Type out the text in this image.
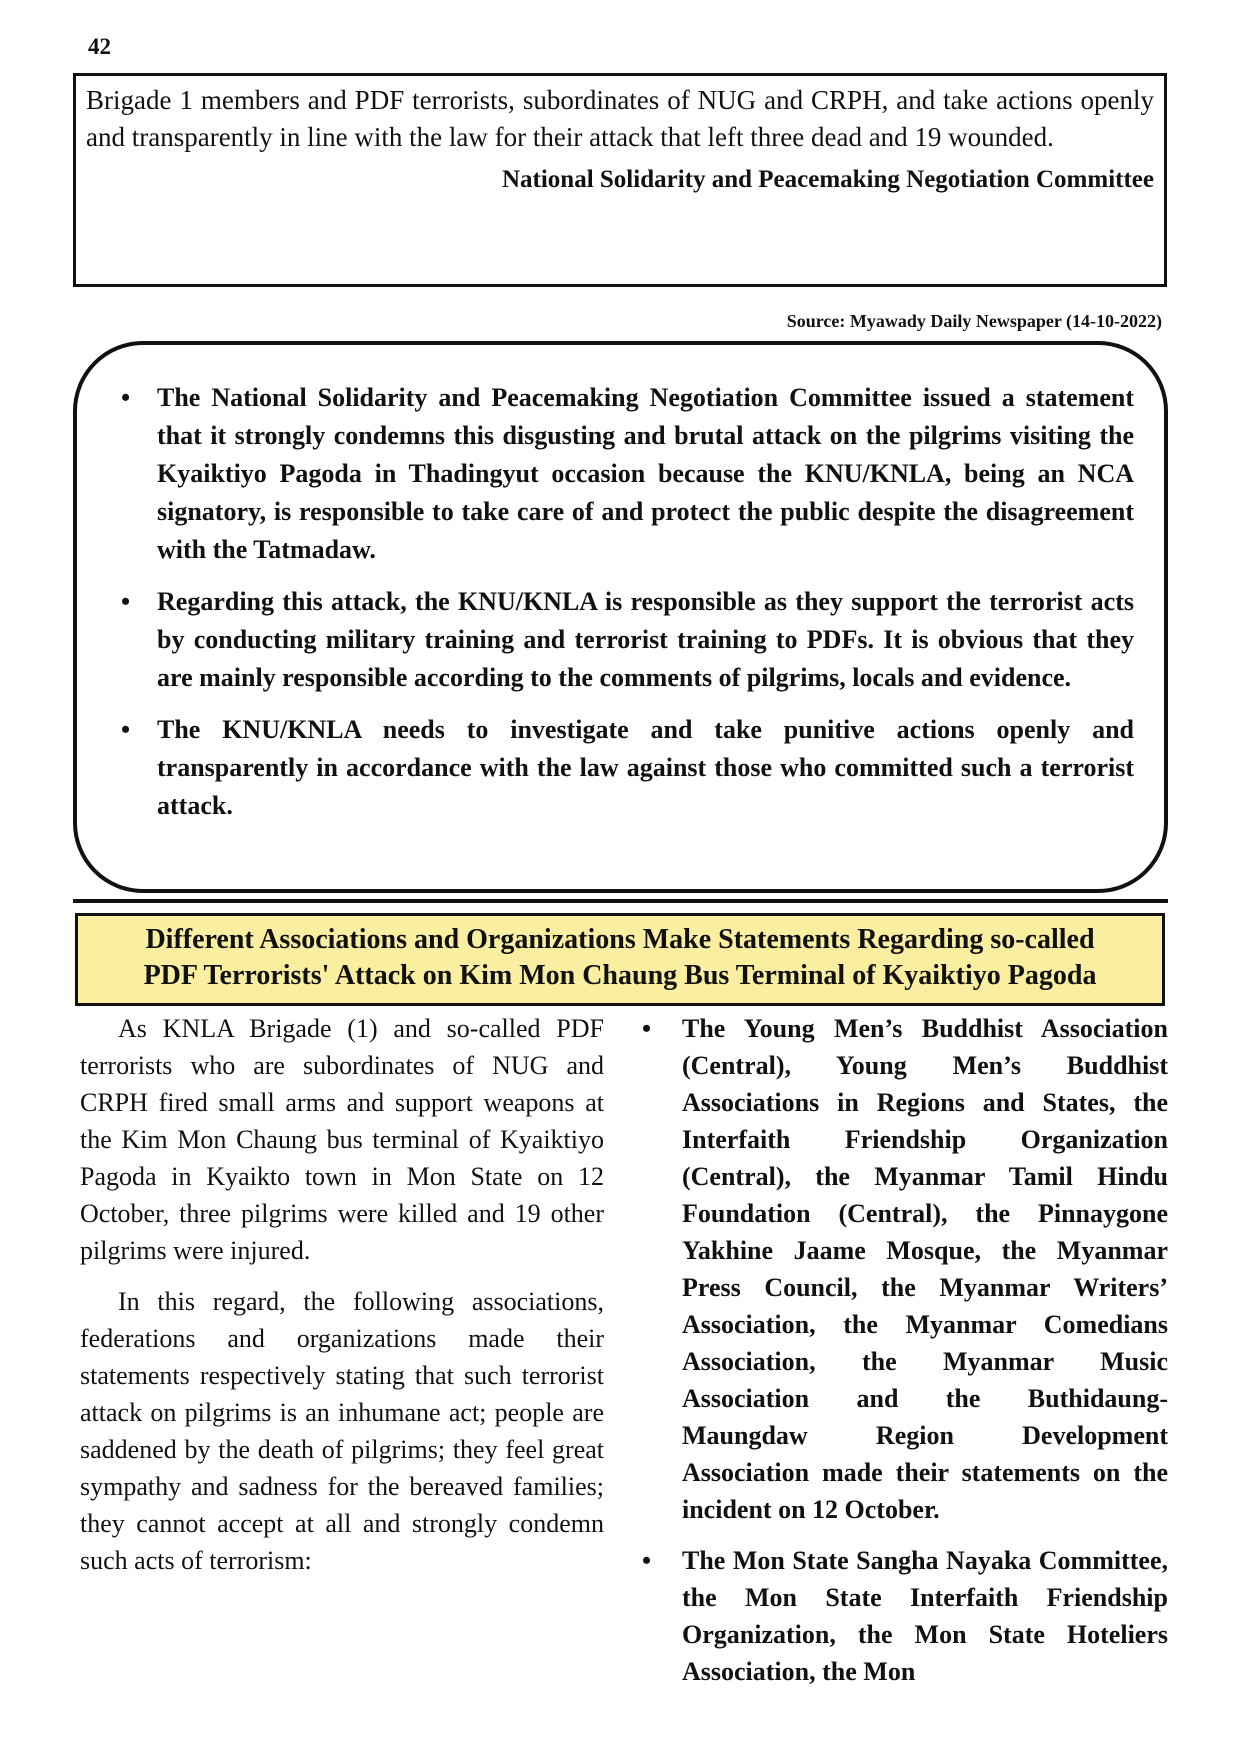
42

Brigade 1 members and PDF terrorists, subordinates of NUG and CRPH, and take actions openly and transparently in line with the law for their attack that left three dead and 19 wounded.

National Solidarity and Peacemaking Negotiation Committee
Source: Myawady Daily Newspaper (14-10-2022)
• The National Solidarity and Peacemaking Negotiation Committee issued a statement that it strongly condemns this disgusting and brutal attack on the pilgrims visiting the Kyaiktiyo Pagoda in Thadingyut occasion because the KNU/KNLA, being an NCA signatory, is responsible to take care of and protect the public despite the disagreement with the Tatmadaw.
• Regarding this attack, the KNU/KNLA is responsible as they support the terrorist acts by conducting military training and terrorist training to PDFs. It is obvious that they are mainly responsible according to the comments of pilgrims, locals and evidence.
• The KNU/KNLA needs to investigate and take punitive actions openly and transparently in accordance with the law against those who committed such a terrorist attack.

Different Associations and Organizations Make Statements Regarding so-called
PDF Terrorists' Attack on Kim Mon Chaung Bus Terminal of Kyaiktiyo Pagoda

As KNLA Brigade (1) and so-called PDF terrorists who are subordinates of NUG and CRPH fired small arms and support weapons at the Kim Mon Chaung bus terminal of Kyaiktiyo Pagoda in Kyaikto town in Mon State on 12 October, three pilgrims were killed and 19 other pilgrims were injured.

In this regard, the following associations, federations and organizations made their statements respectively stating that such terrorist attack on pilgrims is an inhumane act; people are saddened by the death of pilgrims; they feel great sympathy and sadness for the bereaved families; they cannot accept at all and strongly condemn such acts of terrorism:

• The Young Men’s Buddhist Association (Central), Young Men’s Buddhist Associations in Regions and States, the Interfaith Friendship Organization (Central), the Myanmar Tamil Hindu Foundation (Central), the Pinnaygone Yakhine Jaame Mosque, the Myanmar Press Council, the Myanmar Writers’ Association, the Myanmar Comedians Association, the Myanmar Music Association and the Buthidaung-Maungdaw Region Development Association made their statements on the incident on 12 October.
• The Mon State Sangha Nayaka Committee, the Mon State Interfaith Friendship Organization, the Mon State Hoteliers Association, the Mon
